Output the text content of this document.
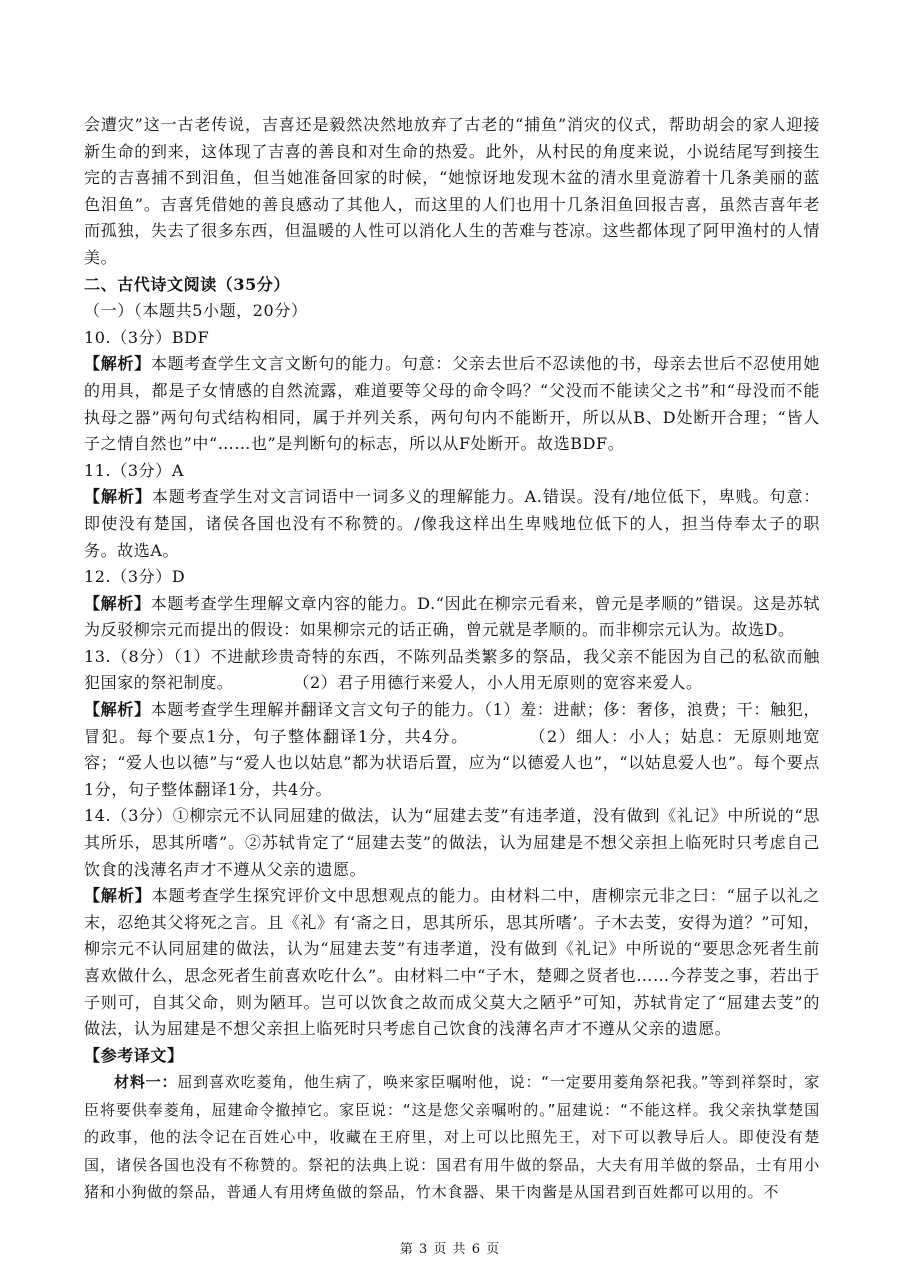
会遭灾”这一古老传说，吉喜还是毅然决然地放弃了古老的“捕鱼”消灾的仪式，帮助胡会的家人迎接新生命的到来，这体现了吉喜的善良和对生命的热爱。此外，从村民的角度来说，小说结尾写到接生完的吉喜捕不到泪鱼，但当她准备回家的时候，“她惊讶地发现木盆的清水里竟游着十几条美丽的蓝色泪鱼”。吉喜凭借她的善良感动了其他人，而这里的人们也用十几条泪鱼回报吉喜，虽然吉喜年老而孤独，失去了很多东西，但温暖的人性可以消化人生的苦难与苍凉。这些都体现了阿甲渔村的人情美。

二、古代诗文阅读（35分）

（一）（本题共5小题，20分）

10.（3分）BDF

【解析】本题考查学生文言文断句的能力。句意：父亲去世后不忍读他的书，母亲去世后不忍使用她的用具，都是子女情感的自然流露，难道要等父母的命令吗？“父没而不能读父之书”和“母没而不能执母之器”两句句式结构相同，属于并列关系，两句句内不能断开，所以从B、D处断开合理；“皆人子之情自然也”中“……也”是判断句的标志，所以从F处断开。故选BDF。

11.（3分）A

【解析】本题考查学生对文言词语中一词多义的理解能力。A.错误。没有/地位低下，卑贱。句意：即使没有楚国，诸侯各国也没有不称赞的。/像我这样出生卑贱地位低下的人，担当侍奉太子的职务。故选A。

12.（3分）D

【解析】本题考查学生理解文章内容的能力。D.“因此在柳宗元看来，曾元是孝顺的”错误。这是苏轼为反驳柳宗元而提出的假设：如果柳宗元的话正确，曾元就是孝顺的。而非柳宗元认为。故选D。

13.（8分）（1）不进献珍贵奇特的东西，不陈列品类繁多的祭品，我父亲不能因为自己的私欲而触犯国家的祭祀制度。	（2）君子用德行来爱人，小人用无原则的宽容来爱人。

【解析】本题考查学生理解并翻译文言文句子的能力。（1）羞：进献；侈：奢侈，浪费；干：触犯，冒犯。每个要点1分，句子整体翻译1分，共4分。	（2）细人：小人；姑息：无原则地宽容；“爱人也以德”与“爱人也以姑息”都为状语后置，应为“以德爱人也”，“以姑息爱人也”。每个要点1分，句子整体翻译1分，共4分。

14.（3分）①柳宗元不认同屈建的做法，认为“屈建去芰”有违孝道，没有做到《礼记》中所说的“思其所乐，思其所嗜”。②苏轼肯定了“屈建去芰”的做法，认为屈建是不想父亲担上临死时只考虑自己饮食的浅薄名声才不遵从父亲的遗愿。

【解析】本题考查学生探究评价文中思想观点的能力。由材料二中，唐柳宗元非之曰：“屈子以礼之末，忍绝其父将死之言。且《礼》有‘斋之日，思其所乐，思其所嗜’。子木去芰，安得为道？”可知，柳宗元不认同屈建的做法，认为“屈建去芰”有违孝道，没有做到《礼记》中所说的“要思念死者生前喜欢做什么，思念死者生前喜欢吃什么”。由材料二中“子木，楚卿之贤者也……今荐芰之事，若出于子则可，自其父命，则为陋耳。岂可以饮食之故而成父莫大之陋乎”可知，苏轼肯定了“屈建去芰”的做法，认为屈建是不想父亲担上临死时只考虑自己饮食的浅薄名声才不遵从父亲的遗愿。

【参考译文】

材料一：屈到喜欢吃菱角，他生病了，唤来家臣嘱咐他，说：“一定要用菱角祭祀我。”等到祥祭时，家臣将要供奉菱角，屈建命令撤掉它。家臣说：“这是您父亲嘱咐的。”屈建说：“不能这样。我父亲执掌楚国的政事，他的法令记在百姓心中，收藏在王府里，对上可以比照先王，对下可以教导后人。即使没有楚国，诸侯各国也没有不称赞的。祭祀的法典上说：国君有用牛做的祭品，大夫有用羊做的祭品，士有用小猪和小狗做的祭品，普通人有用烤鱼做的祭品，竹木食器、果干肉酱是从国君到百姓都可以用的。不

第 3 页 共 6 页
